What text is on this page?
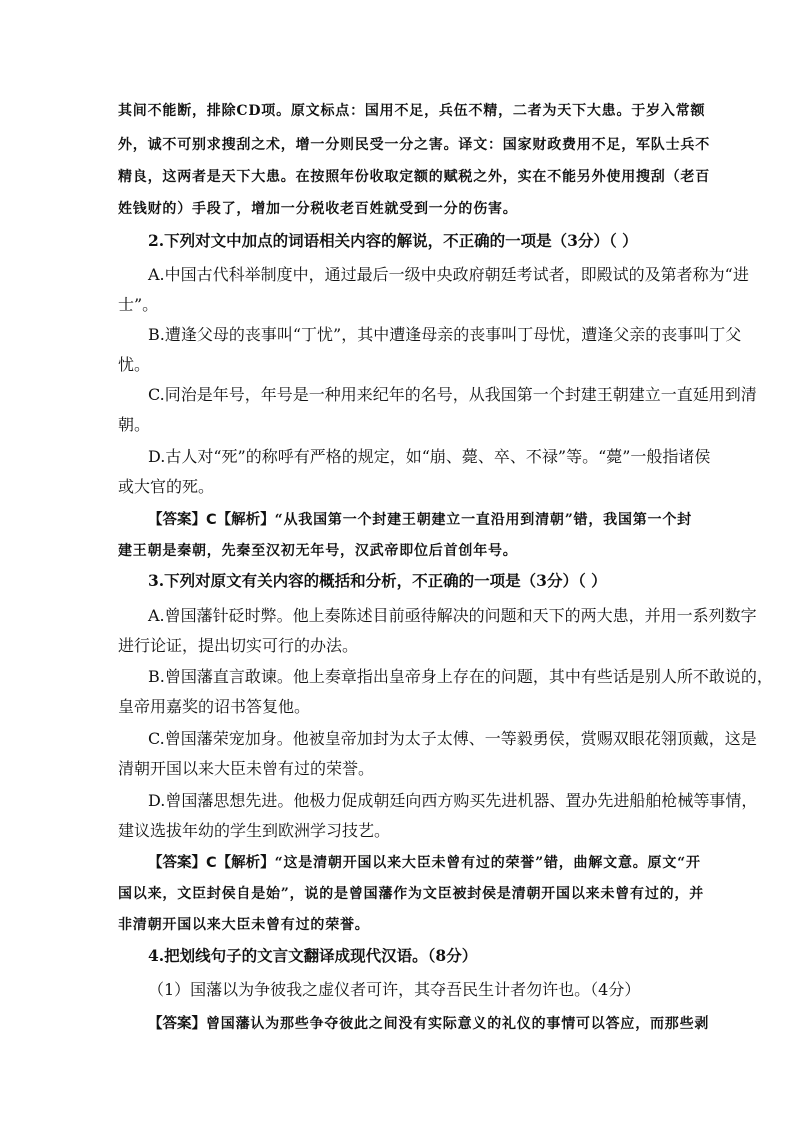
其间不能断，排除CD项。原文标点：国用不足，兵伍不精，二者为天下大患。于岁入常额
外，诚不可别求搜刮之术，增一分则民受一分之害。译文：国家财政费用不足，军队士兵不
精良，这两者是天下大患。在按照年份收取定额的赋税之外，实在不能另外使用搜刮（老百
姓钱财的）手段了，增加一分税收老百姓就受到一分的伤害。
2.下列对文中加点的词语相关内容的解说，不正确的一项是（3分）（ ）
A.中国古代科举制度中，通过最后一级中央政府朝廷考试者，即殿试的及第者称为“进
士”。
B.遭逢父母的丧事叫“丁忧”，其中遭逢母亲的丧事叫丁母忧，遭逢父亲的丧事叫丁父
忧。
C.同治是年号，年号是一种用来纪年的名号，从我国第一个封建王朝建立一直延用到清
朝。
D.古人对“死”的称呼有严格的规定，如“崩、薨、卒、不禄”等。“薨”一般指诸侯
或大官的死。
【答案】C【解析】“从我国第一个封建王朝建立一直沿用到清朝”错，我国第一个封
建王朝是秦朝，先秦至汉初无年号，汉武帝即位后首创年号。
3.下列对原文有关内容的概括和分析，不正确的一项是（3分）（ ）
A.曾国藩针砭时弊。他上奏陈述目前亟待解决的问题和天下的两大患，并用一系列数字
进行论证，提出切实可行的办法。
B.曾国藩直言敢谏。他上奏章指出皇帝身上存在的问题，其中有些话是别人所不敢说的，
皇帝用嘉奖的诏书答复他。
C.曾国藩荣宠加身。他被皇帝加封为太子太傅、一等毅勇侯，赏赐双眼花翎顶戴，这是
清朝开国以来大臣未曾有过的荣誉。
D.曾国藩思想先进。他极力促成朝廷向西方购买先进机器、置办先进船舶枪械等事情，
建议选拔年幼的学生到欧洲学习技艺。
【答案】C【解析】“这是清朝开国以来大臣未曾有过的荣誉”错，曲解文意。原文“开
国以来，文臣封侯自是始”，说的是曾国藩作为文臣被封侯是清朝开国以来未曾有过的，并
非清朝开国以来大臣未曾有过的荣誉。
4.把划线句子的文言文翻译成现代汉语。（8分）
（1）国藩以为争彼我之虚仪者可许，其夺吾民生计者勿许也。（4分）
【答案】曾国藩认为那些争夺彼此之间没有实际意义的礼仪的事情可以答应，而那些剥
